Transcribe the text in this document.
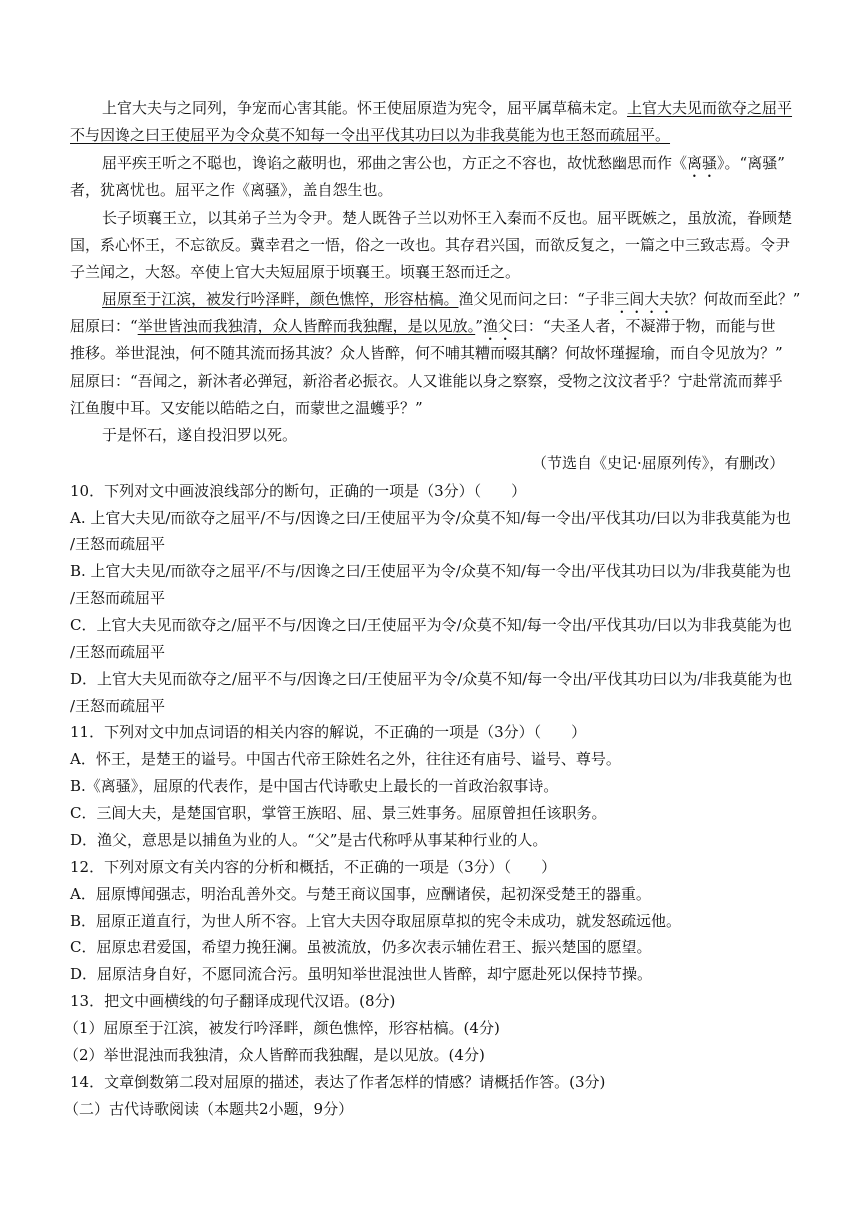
上官大夫与之同列，争宠而心害其能。怀王使屈原造为宪令，屈平属草稿未定。上官大夫见而欲夺之屈平
不与因谗之曰王使屈平为令众莫不知每一令出平伐其功曰以为非我莫能为也王怒而疏屈平。
屈平疾王听之不聪也，谗谄之蔽明也，邪曲之害公也，方正之不容也，故忧愁幽思而作《离骚》。“离骚”
者，犹离忧也。屈平之作《离骚》，盖自怨生也。
长子顷襄王立，以其弟子兰为令尹。楚人既咎子兰以劝怀王入秦而不反也。屈平既嫉之，虽放流，眷顾楚
国，系心怀王，不忘欲反。冀幸君之一悟，俗之一改也。其存君兴国，而欲反复之，一篇之中三致志焉。令尹
子兰闻之，大怒。卒使上官大夫短屈原于顷襄王。顷襄王怒而迁之。
屈原至于江滨，被发行吟泽畔，颜色憔悴，形容枯槁。渔父见而问之曰：“子非三闾大夫欤？何故而至此？”
屈原曰：“举世皆浊而我独清，众人皆醉而我独醒，是以见放。”渔父曰：“夫圣人者，不凝滞于物，而能与世
推移。举世混浊，何不随其流而扬其波？众人皆醉，何不哺其糟而啜其醨？何故怀瑾握瑜，而自令见放为？”
屈原曰：“吾闻之，新沐者必弹冠，新浴者必振衣。人又谁能以身之察察，受物之汶汶者乎？宁赴常流而葬乎
江鱼腹中耳。又安能以皓皓之白，而蒙世之温蠖乎？”
于是怀石，遂自投汨罗以死。
（节选自《史记·屈原列传》，有删改）
10．下列对文中画波浪线部分的断句，正确的一项是（3分）（　　）
A. 上官大夫见/而欲夺之屈平/不与/因谗之曰/王使屈平为令/众莫不知/每一令出/平伐其功/曰以为非我莫能为也
/王怒而疏屈平
B. 上官大夫见/而欲夺之屈平/不与/因谗之曰/王使屈平为令/众莫不知/每一令出/平伐其功曰以为/非我莫能为也
/王怒而疏屈平
C．上官大夫见而欲夺之/屈平不与/因谗之曰/王使屈平为令/众莫不知/每一令出/平伐其功/曰以为非我莫能为也
/王怒而疏屈平
D．上官大夫见而欲夺之/屈平不与/因谗之曰/王使屈平为令/众莫不知/每一令出/平伐其功曰以为/非我莫能为也
/王怒而疏屈平
11．下列对文中加点词语的相关内容的解说，不正确的一项是（3分）（　　）
A．怀王，是楚王的谥号。中国古代帝王除姓名之外，往往还有庙号、谥号、尊号。
B.《离骚》，屈原的代表作，是中国古代诗歌史上最长的一首政治叙事诗。
C．三闾大夫，是楚国官职，掌管王族昭、屈、景三姓事务。屈原曾担任该职务。
D．渔父，意思是以捕鱼为业的人。“父”是古代称呼从事某种行业的人。
12．下列对原文有关内容的分析和概括，不正确的一项是（3分）（　　）
A．屈原博闻强志，明治乱善外交。与楚王商议国事，应酬诸侯，起初深受楚王的器重。
B．屈原正道直行，为世人所不容。上官大夫因夺取屈原草拟的宪令未成功，就发怒疏远他。
C．屈原忠君爱国，希望力挽狂澜。虽被流放，仍多次表示辅佐君王、振兴楚国的愿望。
D．屈原洁身自好，不愿同流合污。虽明知举世混浊世人皆醉，却宁愿赴死以保持节操。
13．把文中画横线的句子翻译成现代汉语。(8分)
（1）屈原至于江滨，被发行吟泽畔，颜色憔悴，形容枯槁。(4分)
（2）举世混浊而我独清，众人皆醉而我独醒，是以见放。(4分)
14．文章倒数第二段对屈原的描述，表达了作者怎样的情感？请概括作答。(3分)
（二）古代诗歌阅读（本题共2小题，9分）
